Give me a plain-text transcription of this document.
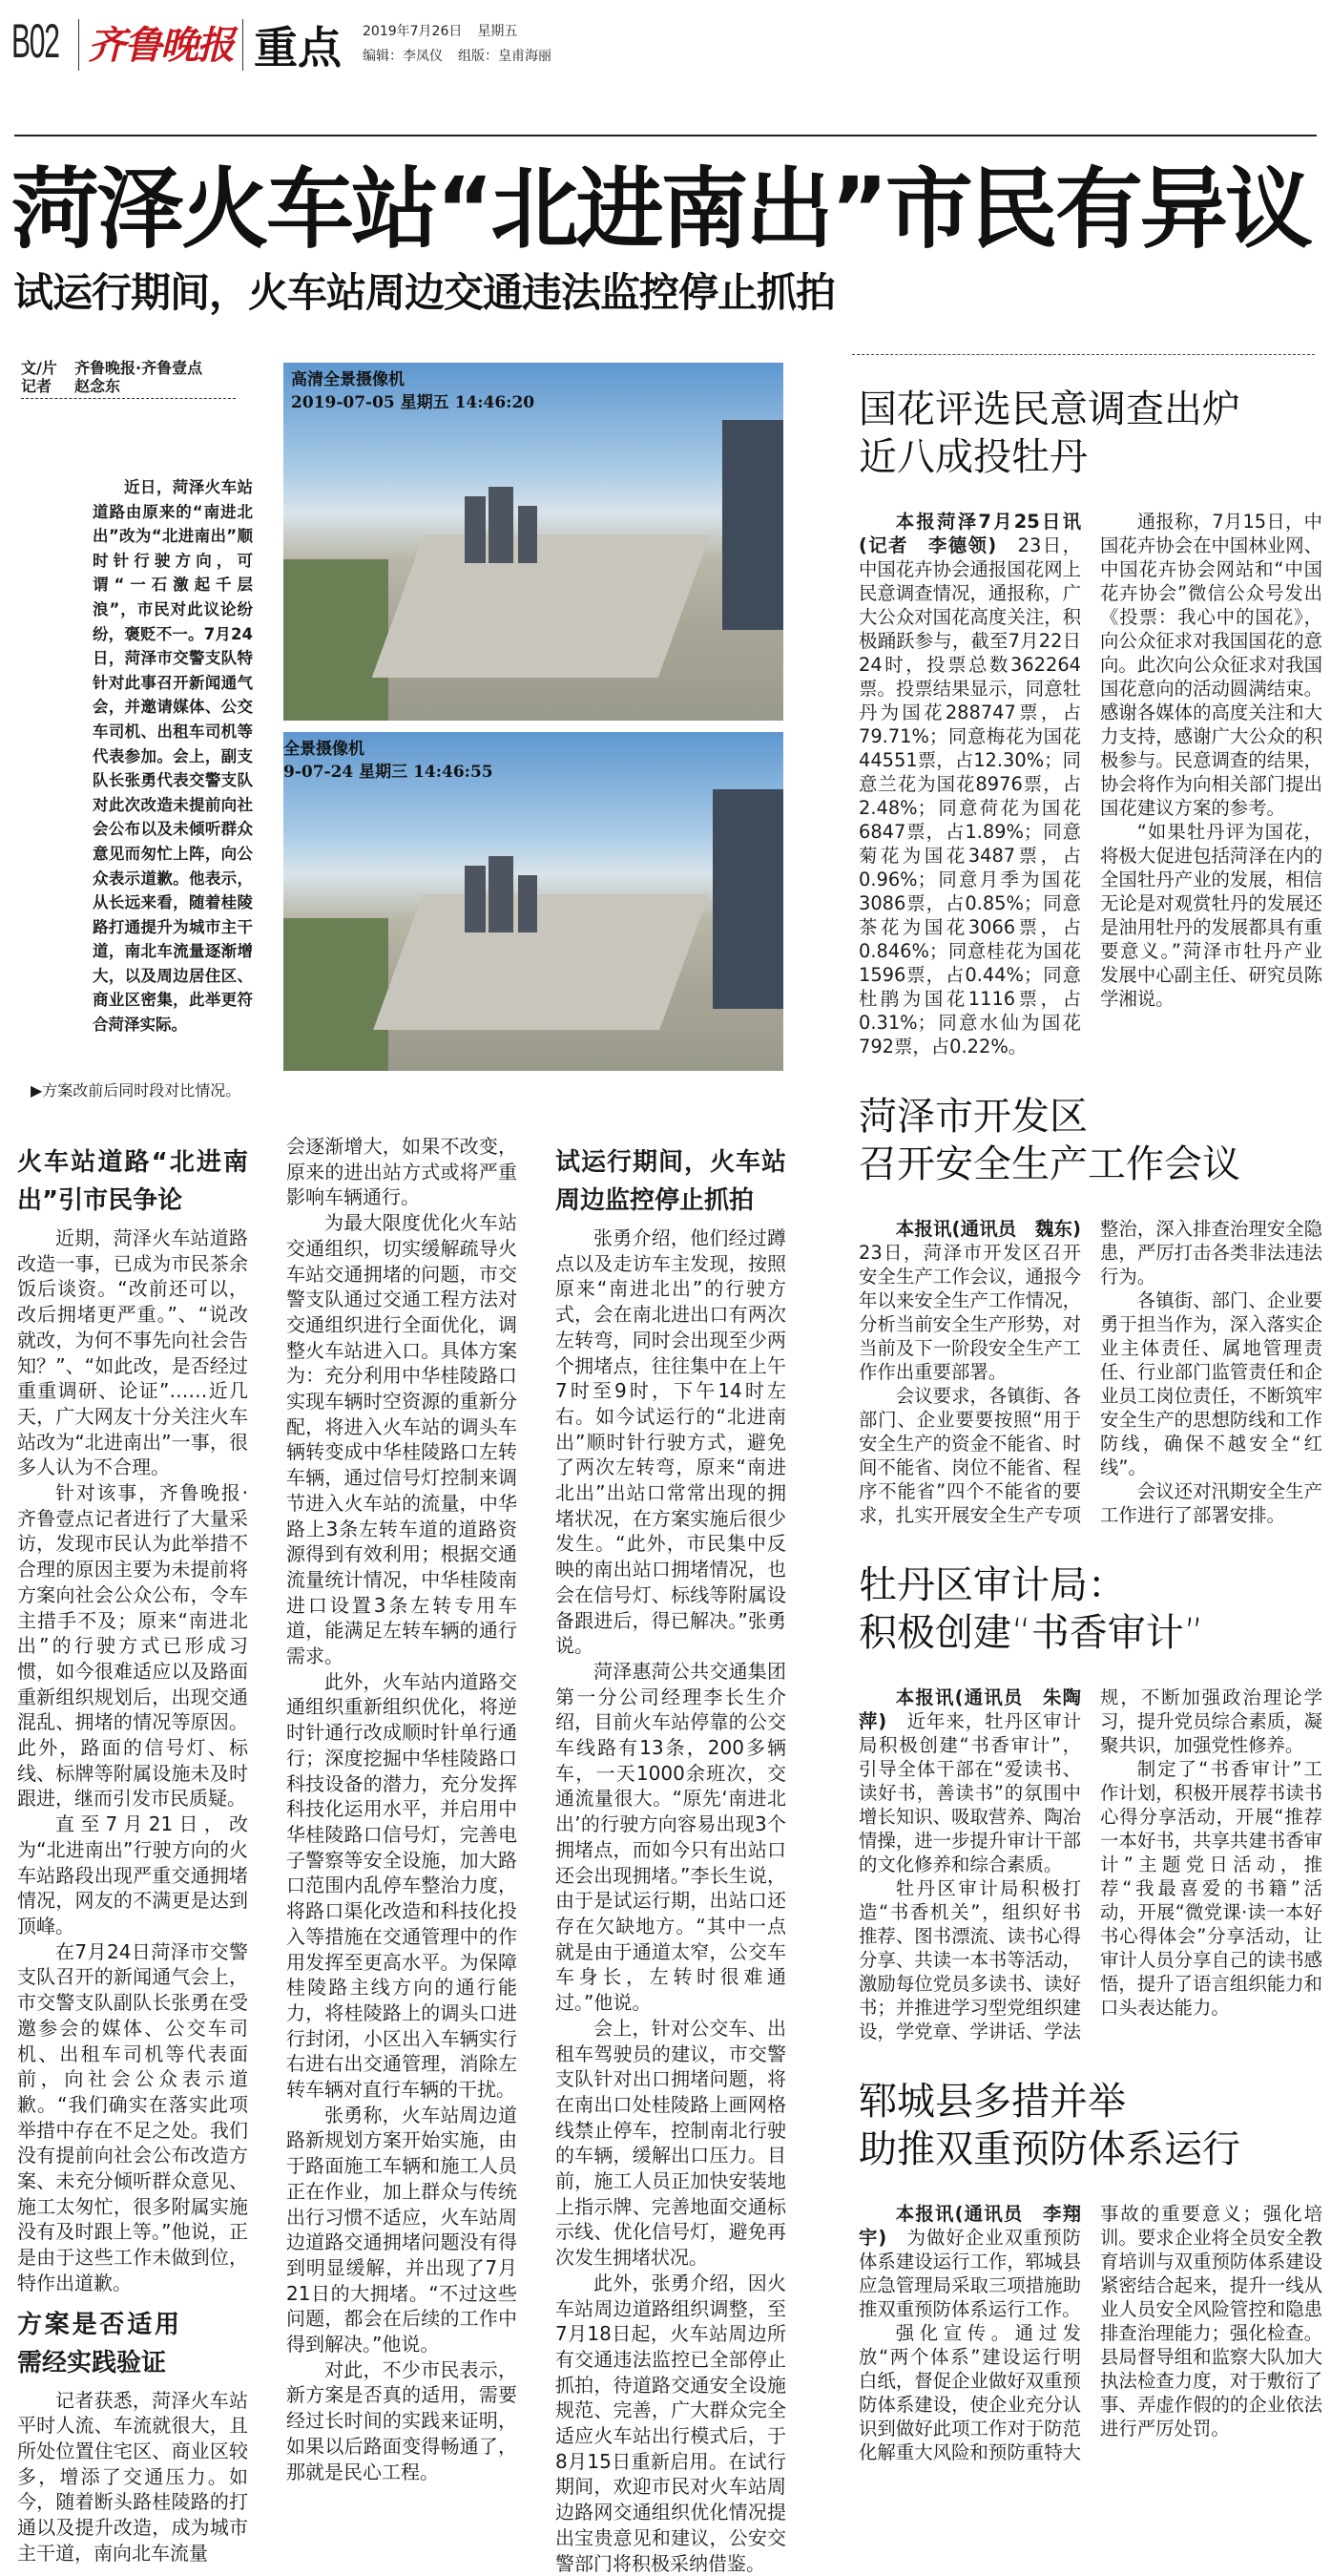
B02 齐鲁晚报 重点 2019年7月26日 星期五
编辑：李凤仪 组版：皇甫海丽
菏泽火车站“北进南出”市民有异议
试运行期间，火车站周边交通违法监控停止抓拍
文/片 齐鲁晚报·齐鲁壹点
记者 赵念东
近日，菏泽火车站道路由原来的“南进北出”改为“北进南出”顺时针行驶方向，可谓“一石激起千层浪”，市民对此议论纷纷，褒贬不一。7月24日，菏泽市交警支队特针对此事召开新闻通气会，并邀请媒体、公交车司机、出租车司机等代表参加。会上，副支队长张勇代表交警支队对此次改造未提前向社会公布以及未倾听群众意见而匆忙上阵，向公众表示道歉。他表示，从长远来看，随着桂陵路打通提升为城市主干道，南北车流量逐渐增大，以及周边居住区、商业区密集，此举更符合菏泽实际。
高清全景摄像机
2019-07-05 星期五 14:46:20
全景摄像机
9-07-24 星期三 14:46:55
▶方案改前后同时段对比情况。
火车站道路“北进南出”引市民争论

近期，菏泽火车站道路改造一事，已成为市民茶余饭后谈资。“改前还可以，改后拥堵更严重。”、“说改就改，为何不事先向社会告知？”、“如此改，是否经过重重调研、论证”……近几天，广大网友十分关注火车站改为“北进南出”一事，很多人认为不合理。

针对该事，齐鲁晚报·齐鲁壹点记者进行了大量采访，发现市民认为此举措不合理的原因主要为未提前将方案向社会公众公布，令车主措手不及；原来“南进北出”的行驶方式已形成习惯，如今很难适应以及路面重新组织规划后，出现交通混乱、拥堵的情况等原因。此外，路面的信号灯、标线、标牌等附属设施未及时跟进，继而引发市民质疑。

直至7月21日，改为“北进南出”行驶方向的火车站路段出现严重交通拥堵情况，网友的不满更是达到顶峰。

在7月24日菏泽市交警支队召开的新闻通气会上，市交警支队副队长张勇在受邀参会的媒体、公交车司机、出租车司机等代表面前，向社会公众表示道歉。“我们确实在落实此项举措中存在不足之处。我们没有提前向社会公布改造方案、未充分倾听群众意见、施工太匆忙，很多附属实施没有及时跟上等。”他说，正是由于这些工作未做到位，特作出道歉。

方案是否适用需经实践验证

记者获悉，菏泽火车站平时人流、车流就很大，且所处位置住宅区、商业区较多，增添了交通压力。如今，随着断头路桂陵路的打通以及提升改造，成为城市主干道，南向北车流量

会逐渐增大，如果不改变，原来的进出站方式或将严重影响车辆通行。

为最大限度优化火车站交通组织，切实缓解疏导火车站交通拥堵的问题，市交警支队通过交通工程方法对交通组织进行全面优化，调整火车站进入口。具体方案为：充分利用中华桂陵路口实现车辆时空资源的重新分配，将进入火车站的调头车辆转变成中华桂陵路口左转车辆，通过信号灯控制来调节进入火车站的流量，中华路上3条左转车道的道路资源得到有效利用；根据交通流量统计情况，中华桂陵南进口设置3条左转专用车道，能满足左转车辆的通行需求。

此外，火车站内道路交通组织重新组织优化，将逆时针通行改成顺时针单行通行；深度挖掘中华桂陵路口科技设备的潜力，充分发挥科技化运用水平，并启用中华桂陵路口信号灯，完善电子警察等安全设施，加大路口范围内乱停车整治力度，将路口渠化改造和科技化投入等措施在交通管理中的作用发挥至更高水平。为保障桂陵路主线方向的通行能力，将桂陵路上的调头口进行封闭，小区出入车辆实行右进右出交通管理，消除左转车辆对直行车辆的干扰。

张勇称，火车站周边道路新规划方案开始实施，由于路面施工车辆和施工人员正在作业，加上群众与传统出行习惯不适应，火车站周边道路交通拥堵问题没有得到明显缓解，并出现了7月21日的大拥堵。“不过这些问题，都会在后续的工作中得到解决。”他说。

对此，不少市民表示，新方案是否真的适用，需要经过长时间的实践来证明，如果以后路面变得畅通了，那就是民心工程。

试运行期间，火车站周边监控停止抓拍

张勇介绍，他们经过蹲点以及走访车主发现，按照原来“南进北出”的行驶方式，会在南北进出口有两次左转弯，同时会出现至少两个拥堵点，往往集中在上午7时至9时，下午14时左右。如今试运行的“北进南出”顺时针行驶方式，避免了两次左转弯，原来“南进北出”出站口常常出现的拥堵状况，在方案实施后很少发生。“此外，市民集中反映的南出站口拥堵情况，也会在信号灯、标线等附属设备跟进后，得已解决。”张勇说。

菏泽惠菏公共交通集团第一分公司经理李长生介绍，目前火车站停靠的公交车线路有13条，200多辆车，一天1000余班次，交通流量很大。“原先‘南进北出’的行驶方向容易出现3个拥堵点，而如今只有出站口还会出现拥堵。”李长生说，由于是试运行期，出站口还存在欠缺地方。“其中一点就是由于通道太窄，公交车车身长，左转时很难通过。”他说。

会上，针对公交车、出租车驾驶员的建议，市交警支队针对出口拥堵问题，将在南出口处桂陵路上画网格线禁止停车，控制南北行驶的车辆，缓解出口压力。目前，施工人员正加快安装地上指示牌、完善地面交通标示线、优化信号灯，避免再次发生拥堵状况。

此外，张勇介绍，因火车站周边道路组织调整，至7月18日起，火车站周边所有交通违法监控已全部停止抓拍，待道路交通安全设施规范、完善，广大群众完全适应火车站出行模式后，于8月15日重新启用。在试行期间，欢迎市民对火车站周边路网交通组织优化情况提出宝贵意见和建议，公安交警部门将积极采纳借鉴。

国花评选民意调查出炉
近八成投牡丹

本报菏泽7月25日讯(记者　李德领)　 23日，中国花卉协会通报国花网上民意调查情况，通报称，广大公众对国花高度关注，积极踊跃参与，截至7月22日24时，投票总数362264票。投票结果显示，同意牡丹为国花288747票，占79.71%；同意梅花为国花44551票，占12.30%；同意兰花为国花8976票，占2.48%；同意荷花为国花6847票，占1.89%；同意菊花为国花3487票，占0.96%；同意月季为国花3086票，占0.85%；同意茶花为国花3066票，占0.846%；同意桂花为国花1596票，占0.44%；同意杜鹃为国花1116票，占0.31%；同意水仙为国花792票，占0.22%。

通报称，7月15日，中国花卉协会在中国林业网、中国花卉协会网站和“中国花卉协会”微信公众号发出《投票：我心中的国花》，向公众征求对我国国花的意向。此次向公众征求对我国国花意向的活动圆满结束。感谢各媒体的高度关注和大力支持，感谢广大公众的积极参与。民意调查的结果，协会将作为向相关部门提出国花建议方案的参考。

“如果牡丹评为国花，将极大促进包括菏泽在内的全国牡丹产业的发展，相信无论是对观赏牡丹的发展还是油用牡丹的发展都具有重要意义。”菏泽市牡丹产业发展中心副主任、研究员陈学湘说。

菏泽市开发区
召开安全生产工作会议

本报讯(通讯员　魏东)　23日，菏泽市开发区召开安全生产工作会议，通报今年以来安全生产工作情况，分析当前安全生产形势，对当前及下一阶段安全生产工作作出重要部署。

会议要求，各镇街、各部门、企业要要按照“用于安全生产的资金不能省、时间不能省、岗位不能省、程序不能省”四个不能省的要求，扎实开展安全生产专项整治，深入排查治理安全隐患，严厉打击各类非法违法行为。

各镇街、部门、企业要勇于担当作为，深入落实企业主体责任、属地管理责任、行业部门监管责任和企业员工岗位责任，不断筑牢安全生产的思想防线和工作防线，确保不越安全“红线”。

会议还对汛期安全生产工作进行了部署安排。

牡丹区审计局：
积极创建“书香审计”

本报讯(通讯员　朱陶萍)　 近年来，牡丹区审计局积极创建“书香审计”，引导全体干部在“爱读书、读好书，善读书”的氛围中增长知识、吸取营养、陶冶情操，进一步提升审计干部的文化修养和综合素质。

牡丹区审计局积极打造“书香机关”，组织好书推荐、图书漂流、读书心得分享、共读一本书等活动，激励每位党员多读书、读好书；并推进学习型党组织建设，学党章、学讲话、学法规，不断加强政治理论学习，提升党员综合素质，凝聚共识，加强党性修养。

制定了“书香审计”工作计划，积极开展荐书读书心得分享活动，开展“推荐一本好书，共享共建书香审计”主题党日活动，推荐“我最喜爱的书籍”活动，开展“微党课·读一本好书心得体会”分享活动，让审计人员分享自己的读书感悟，提升了语言组织能力和口头表达能力。

郓城县多措并举
助推双重预防体系运行

本报讯(通讯员　李翔宇)　 为做好企业双重预防体系建设运行工作，郓城县应急管理局采取三项措施助推双重预防体系运行工作。

强化宣传。通过发放“两个体系”建设运行明白纸，督促企业做好双重预防体系建设，使企业充分认识到做好此项工作对于防范化解重大风险和预防重特大事故的重要意义；强化培训。要求企业将全员安全教育培训与双重预防体系建设紧密结合起来，提升一线从业人员安全风险管控和隐患排查治理能力；强化检查。县局督导组和监察大队加大执法检查力度，对于敷衍了事、弄虚作假的的企业依法进行严厉处罚。
